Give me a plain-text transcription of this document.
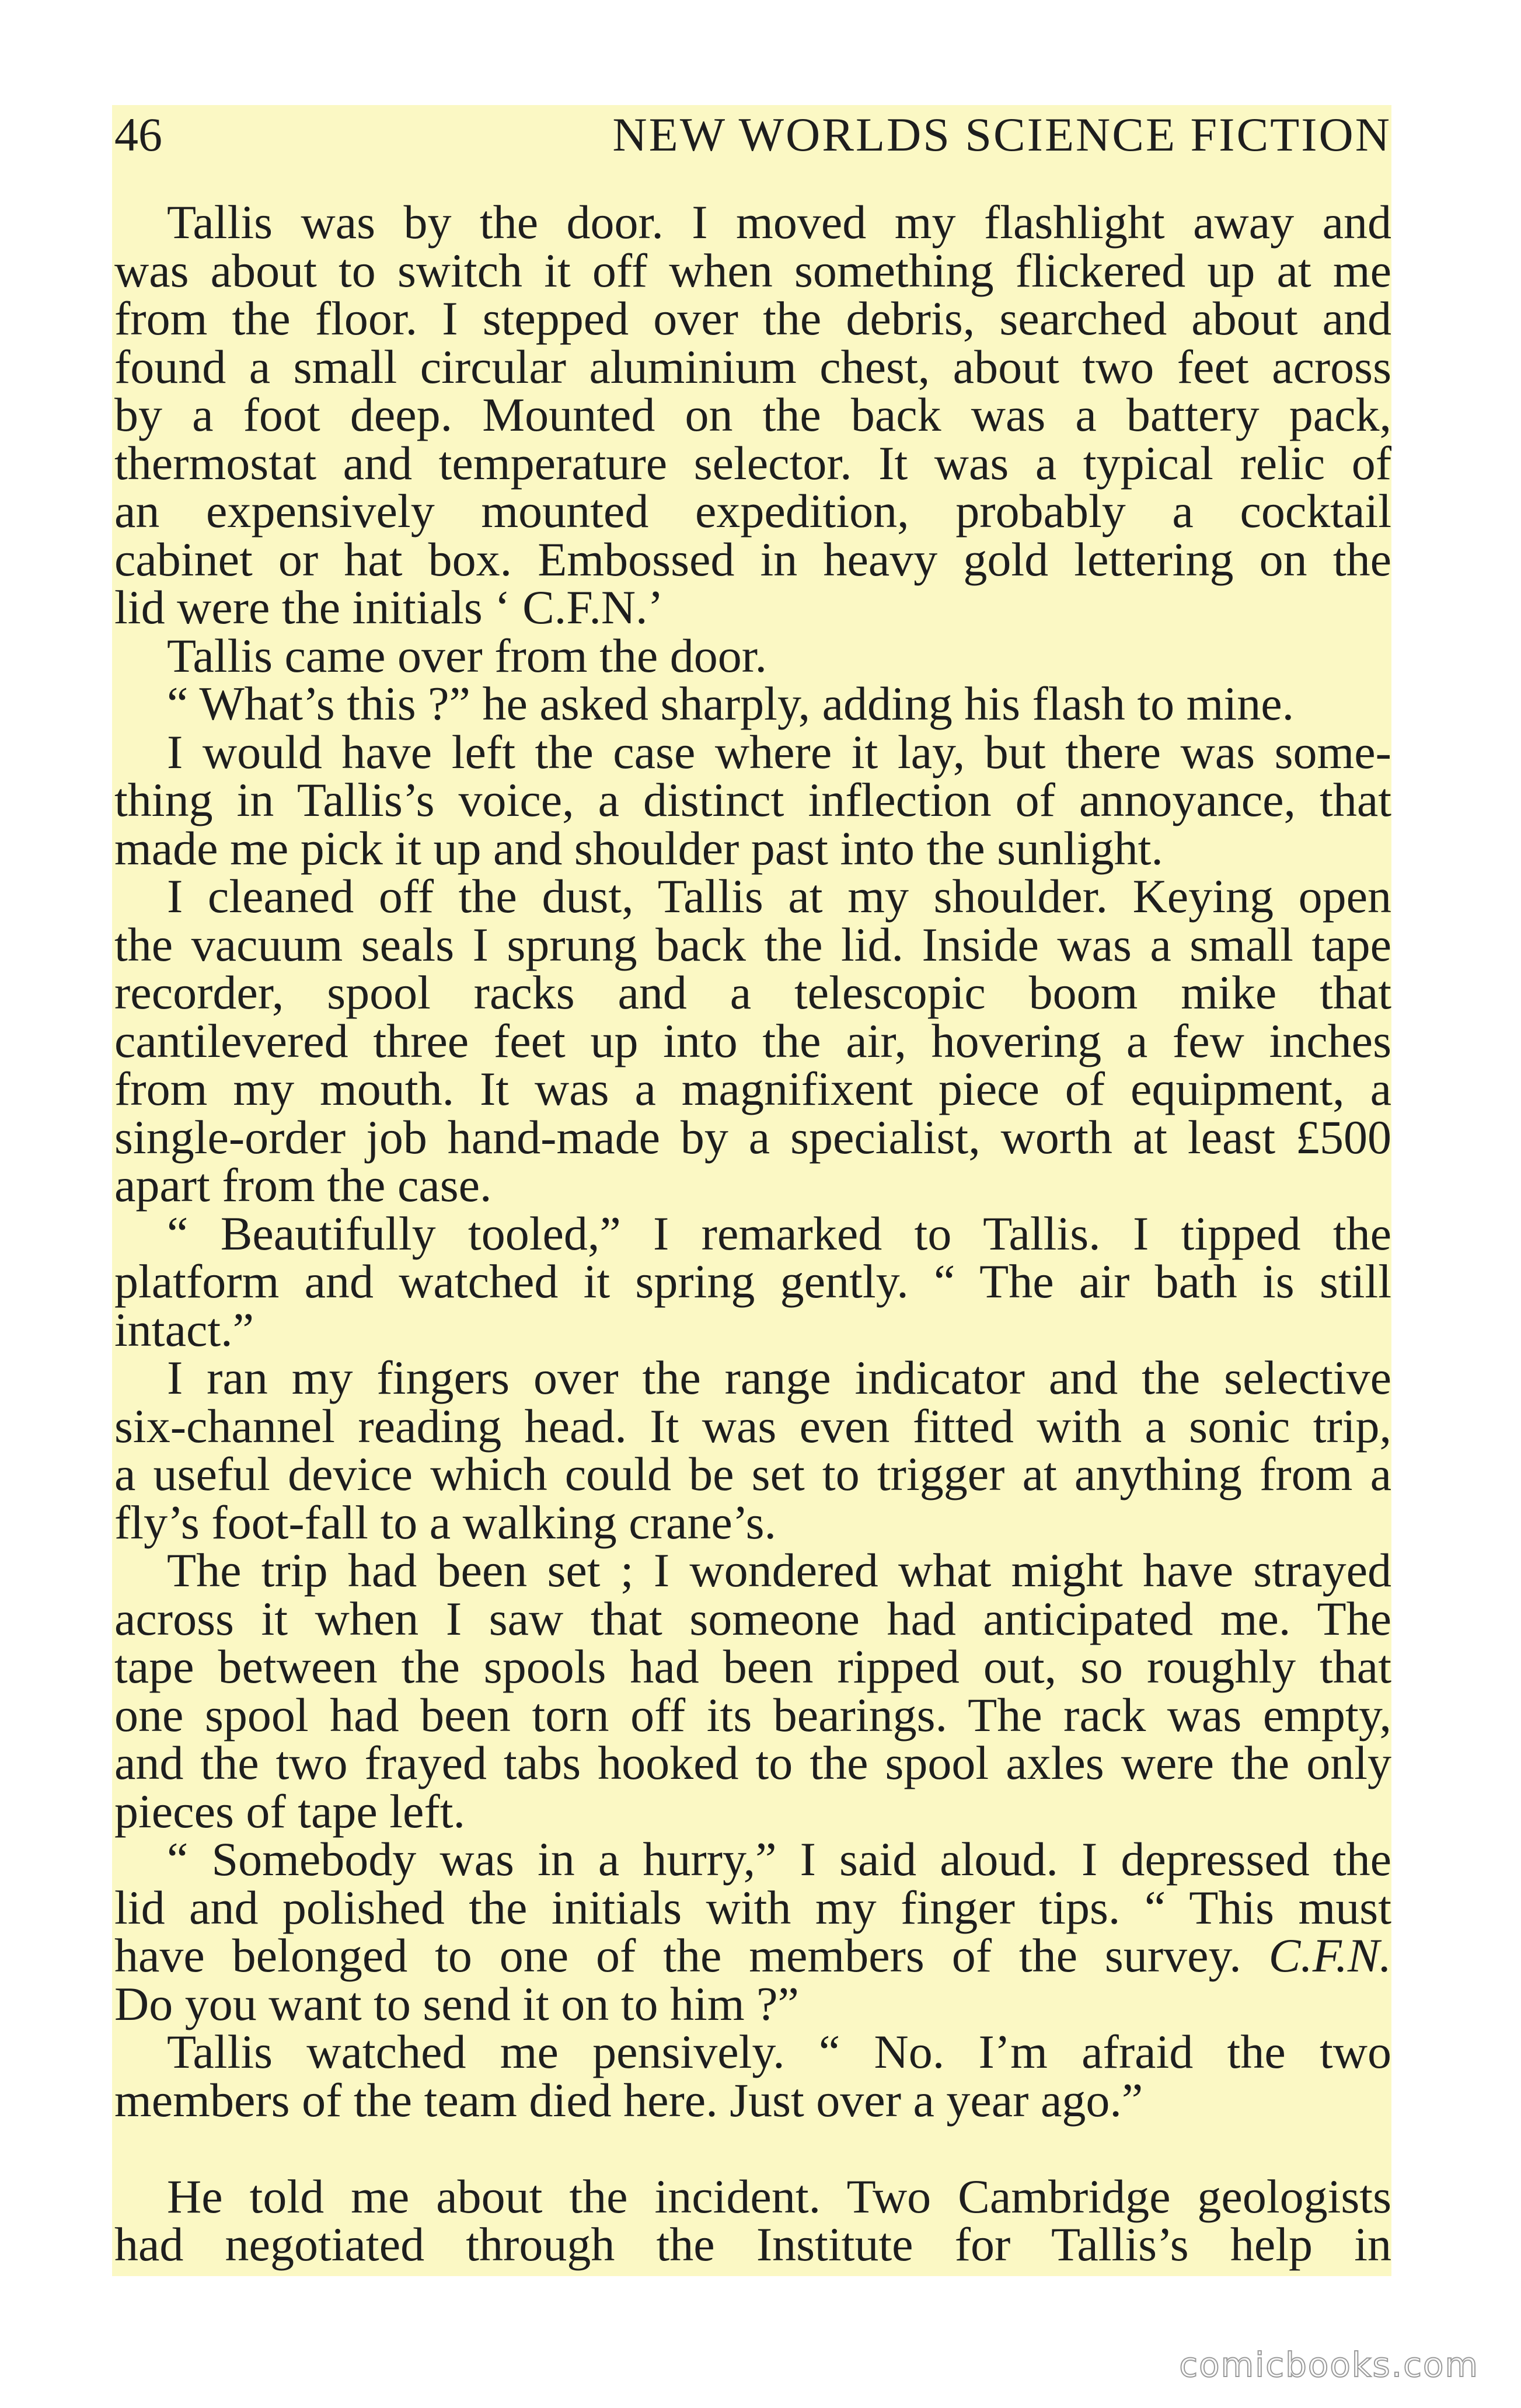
46	NEW WORLDS SCIENCE FICTION
Tallis was by the door. I moved my flashlight away and
was about to switch it off when something flickered up at me
from the floor. I stepped over the debris, searched about and
found a small circular aluminium chest, about two feet across
by a foot deep. Mounted on the back was a battery pack,
thermostat and temperature selector. It was a typical relic of
an expensively mounted expedition, probably a cocktail
cabinet or hat box. Embossed in heavy gold lettering on the
lid were the initials ‘ C.F.N.’
Tallis came over from the door.
“ What’s this ?” he asked sharply, adding his flash to mine.
I would have left the case where it lay, but there was some-
thing in Tallis’s voice, a distinct inflection of annoyance, that
made me pick it up and shoulder past into the sunlight.
I cleaned off the dust, Tallis at my shoulder. Keying open
the vacuum seals I sprung back the lid. Inside was a small tape
recorder, spool racks and a telescopic boom mike that
cantilevered three feet up into the air, hovering a few inches
from my mouth. It was a magnifixent piece of equipment, a
single-order job hand-made by a specialist, worth at least £500
apart from the case.
“ Beautifully tooled,” I remarked to Tallis. I tipped the
platform and watched it spring gently. “ The air bath is still
intact.”
I ran my fingers over the range indicator and the selective
six-channel reading head. It was even fitted with a sonic trip,
a useful device which could be set to trigger at anything from a
fly’s foot-fall to a walking crane’s.
The trip had been set ; I wondered what might have strayed
across it when I saw that someone had anticipated me. The
tape between the spools had been ripped out, so roughly that
one spool had been torn off its bearings. The rack was empty,
and the two frayed tabs hooked to the spool axles were the only
pieces of tape left.
“ Somebody was in a hurry,” I said aloud. I depressed the
lid and polished the initials with my finger tips. “ This must
have belonged to one of the members of the survey. C.F.N.
Do you want to send it on to him ?”
Tallis watched me pensively. “ No. I’m afraid the two
members of the team died here. Just over a year ago.”
He told me about the incident. Two Cambridge geologists
had negotiated through the Institute for Tallis’s help in
comicbooks.com
